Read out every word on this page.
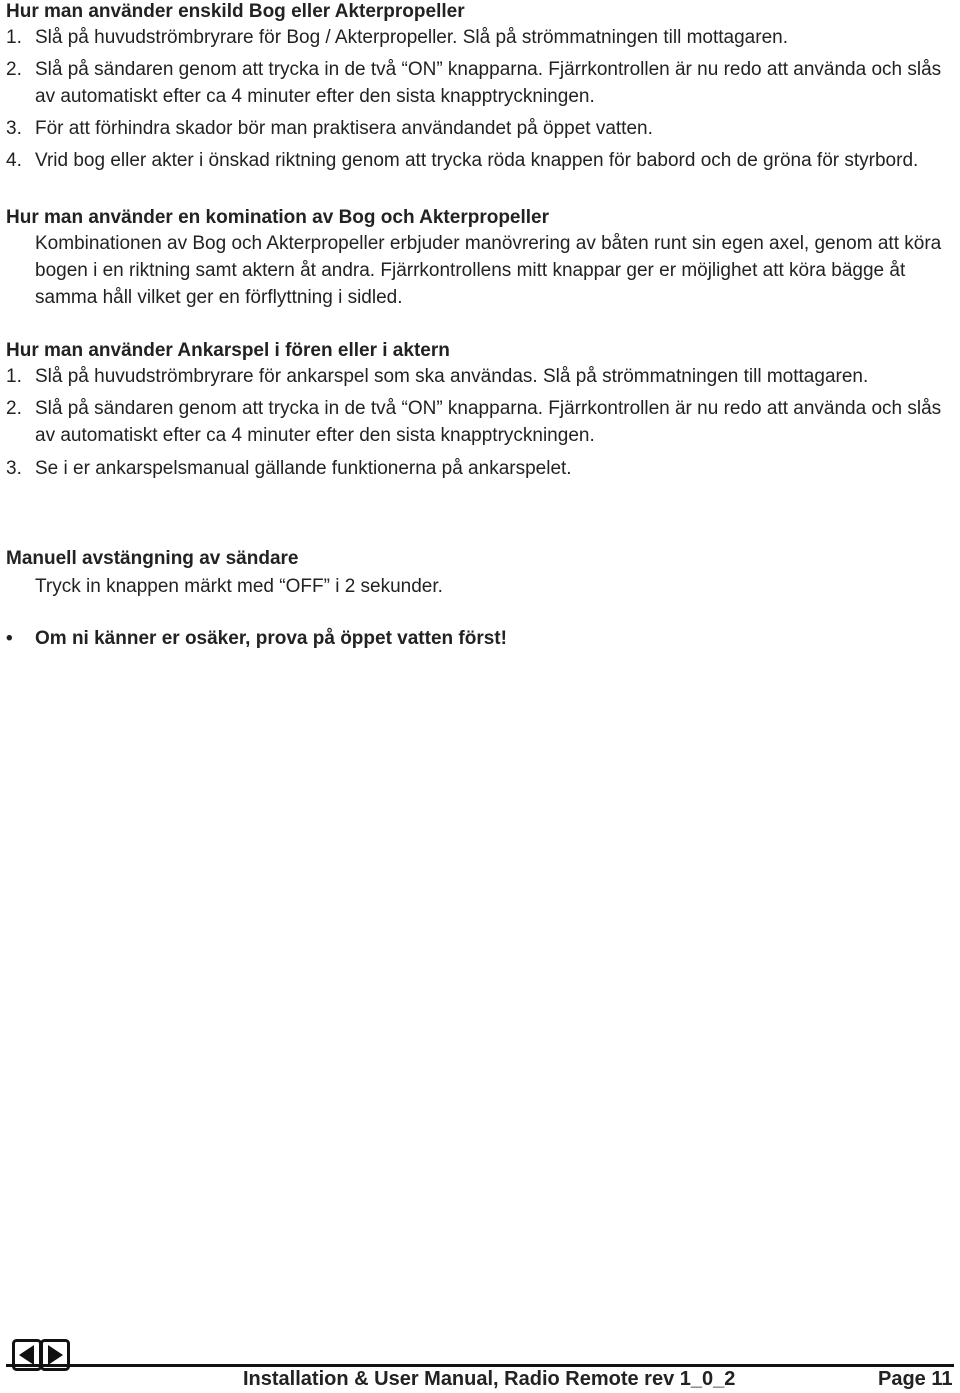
Hur man använder enskild Bog eller Akterpropeller
1. Slå på huvudströmbryrare för Bog / Akterpropeller. Slå på strömmatningen till mottagaren.
2. Slå på sändaren genom att trycka in de två “ON” knapparna. Fjärrkontrollen är nu redo att använda och slås av automatiskt efter ca 4 minuter efter den sista knapptryckningen.
3. För att förhindra skador bör man praktisera användandet på öppet vatten.
4. Vrid bog eller akter i önskad riktning genom att trycka röda knappen för babord och de gröna för styrbord.
Hur man använder en komination av Bog och Akterpropeller
Kombinationen av Bog och Akterpropeller erbjuder manövrering av båten runt sin egen axel, genom att köra bogen i en riktning samt aktern åt andra. Fjärrkontrollens mitt knappar ger er möjlighet att köra bägge åt samma håll vilket ger en förflyttning i sidled.
Hur man använder Ankarspel i fören eller i aktern
1. Slå på huvudströmbryrare för ankarspel som ska användas. Slå på strömmatningen till mottagaren.
2. Slå på sändaren genom att trycka in de två “ON” knapparna. Fjärrkontrollen är nu redo att använda och slås av automatiskt efter ca 4 minuter efter den sista knapptryckningen.
3. Se i er ankarspelsmanual gällande funktionerna på ankarspelet.
Manuell avstängning av sändare
Tryck in knappen märkt med “OFF” i 2 sekunder.
• Om ni känner er osäker, prova på öppet vatten först!
Installation & User Manual, Radio Remote rev 1_0_2	Page 11
